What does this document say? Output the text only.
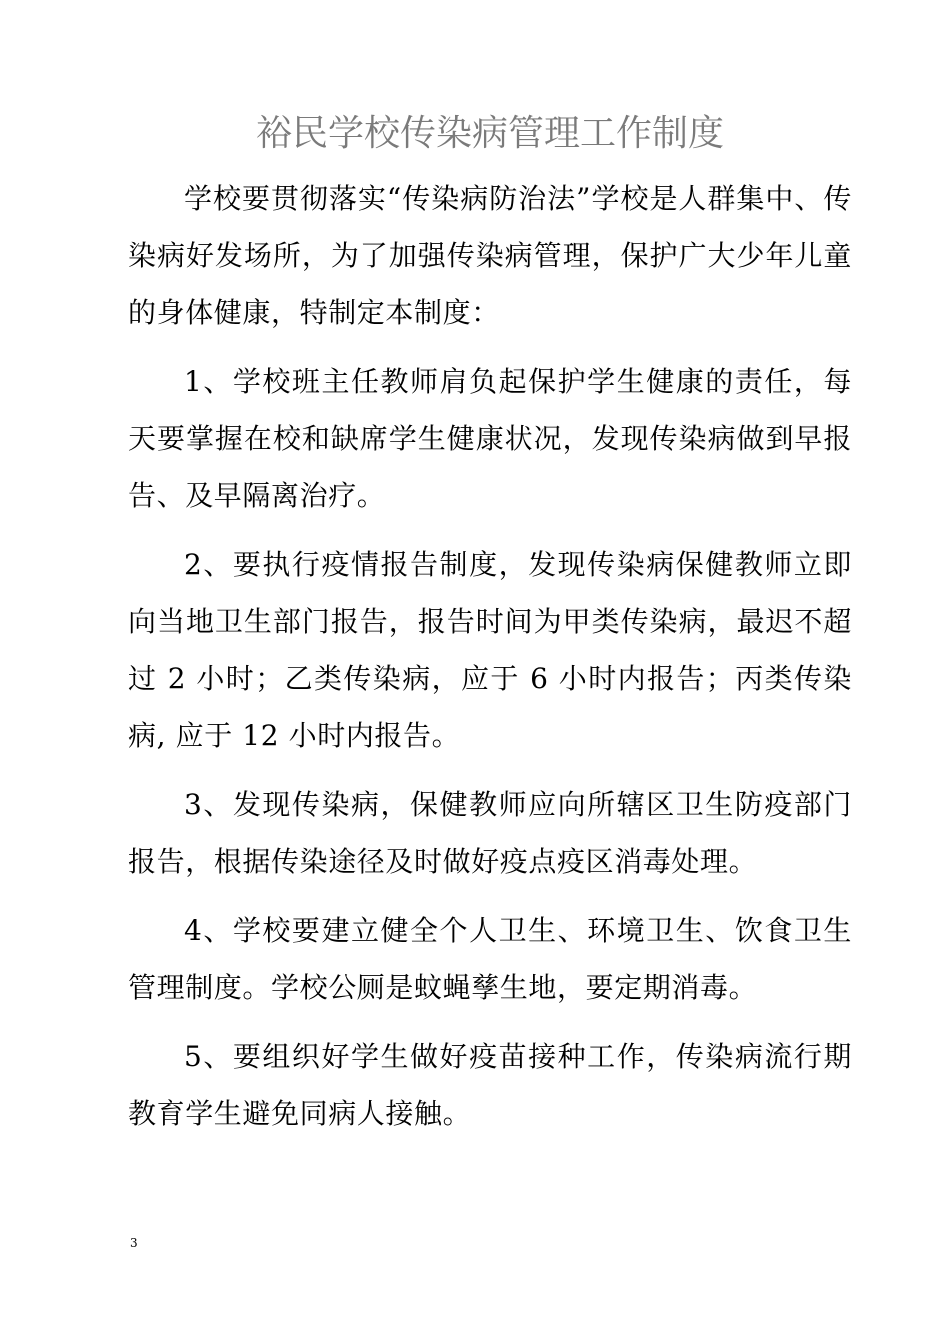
裕民学校传染病管理工作制度

学校要贯彻落实“传染病防治法”学校是人群集中、传染病好发场所，为了加强传染病管理，保护广大少年儿童的身体健康，特制定本制度：

1、学校班主任教师肩负起保护学生健康的责任，每天要掌握在校和缺席学生健康状况，发现传染病做到早报告、及早隔离治疗。

2、要执行疫情报告制度，发现传染病保健教师立即向当地卫生部门报告，报告时间为甲类传染病，最迟不超过 2 小时；乙类传染病，应于 6 小时内报告；丙类传染病, 应于 12 小时内报告。

3、发现传染病，保健教师应向所辖区卫生防疫部门报告，根据传染途径及时做好疫点疫区消毒处理。

4、学校要建立健全个人卫生、环境卫生、饮食卫生管理制度。学校公厕是蚊蝇孳生地，要定期消毒。

5、要组织好学生做好疫苗接种工作，传染病流行期教育学生避免同病人接触。

3
